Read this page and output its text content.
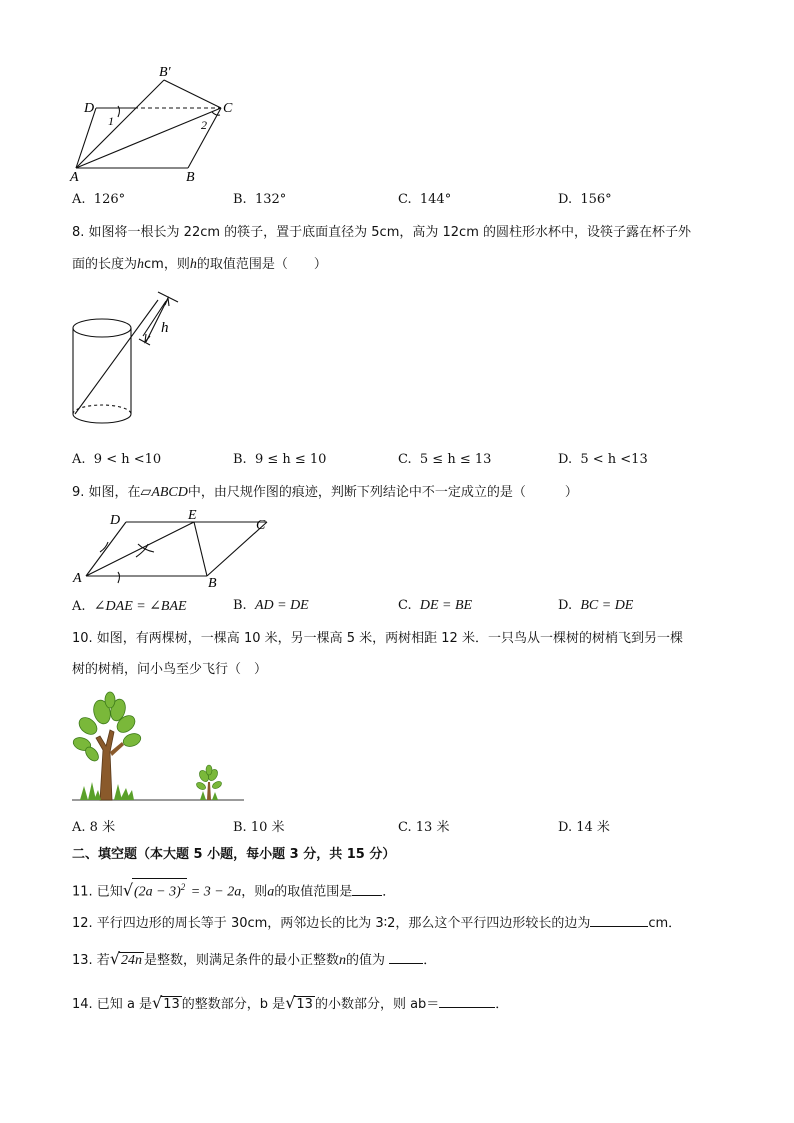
B′
D	C
A	B
1	2
A. 126°	B. 132°	C. 144°	D. 156°
8. 如图将一根长为 22cm 的筷子，置于底面直径为 5cm，高为 12cm 的圆柱形水杯中，设筷子露在杯子外
面的长度为hcm，则h的取值范围是（　　）
h
A. 9 < h <10	B. 9 ≤ h ≤ 10	C. 5 ≤ h ≤ 13	D. 5 < h <13
9. 如图，在▱ABCD中，由尺规作图的痕迹，判断下列结论中不一定成立的是（　　　）
D	E
C
A	B
A. ∠DAE = ∠BAE	B. AD = DE	C. DE = BE	D. BC = DE
10. 如图，有两棵树，一棵高 10 米，另一棵高 5 米，两树相距 12 米．一只鸟从一棵树的树梢飞到另一棵
树的树梢，问小鸟至少飞行（　）
A. 8 米	B. 10 米	C. 13 米	D. 14 米
二、填空题（本大题 5 小题，每小题 3 分，共 15 分）
11. 已知$√(2a - 3)^2 = 3 - 2a$，则a的取值范围是 ．
12. 平行四边形的周长等于 30cm，两邻边长的比为 3∶2，那么这个平行四边形较长的边为	cm．
13. 若√24n 是整数，则满足条件的最小正整数n的值为	．
14. 已知 a 是√13 的整数部分，b 是√13 的小数部分，则 ab＝	．
